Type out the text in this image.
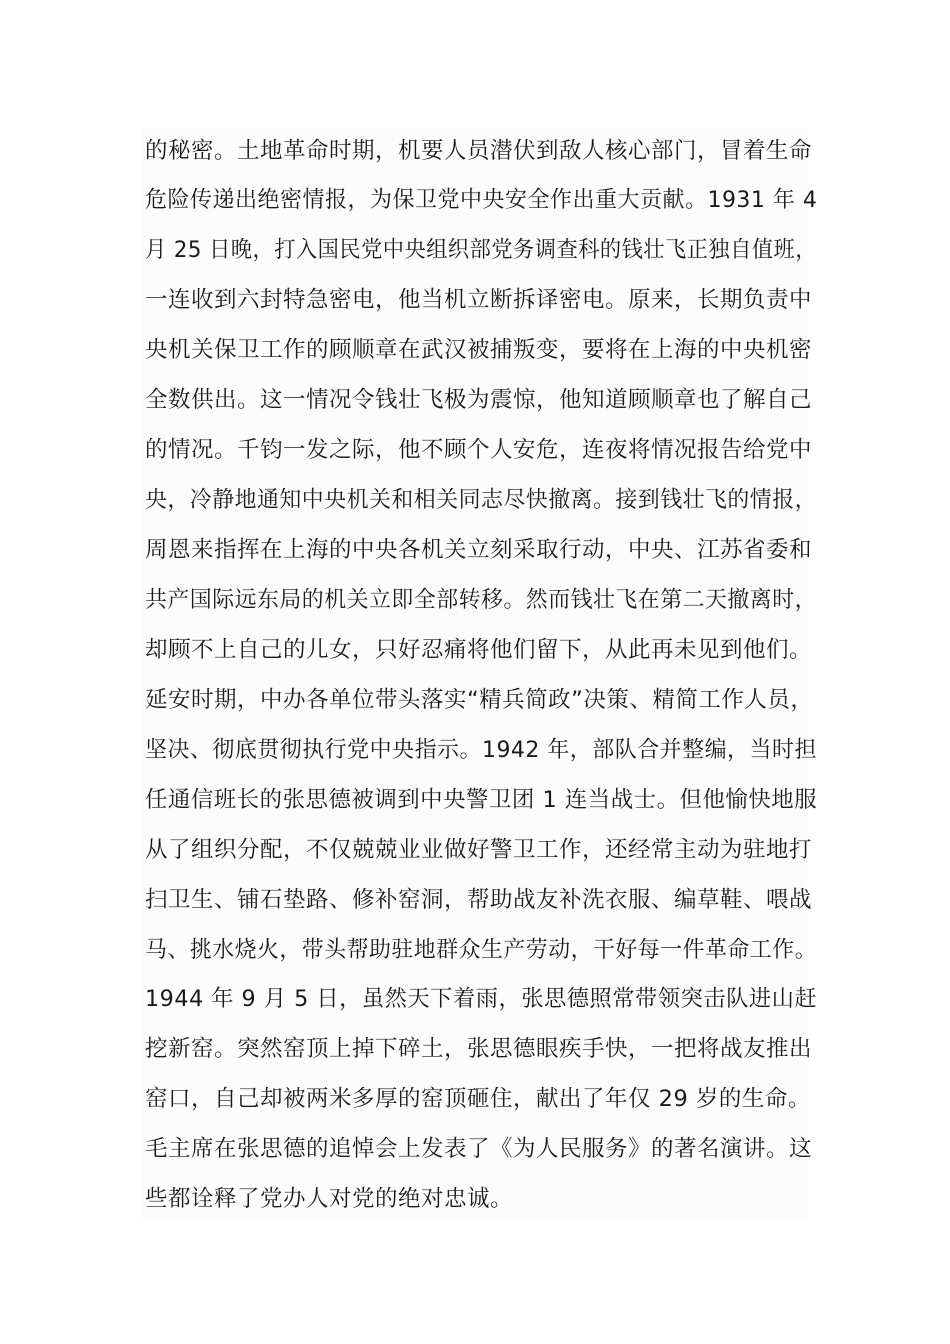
的秘密。土地革命时期，机要人员潜伏到敌人核心部门，冒着生命
危险传递出绝密情报，为保卫党中央安全作出重大贡献。1931 年 4
月 25 日晚，打入国民党中央组织部党务调查科的钱壮飞正独自值班，
一连收到六封特急密电，他当机立断拆译密电。原来，长期负责中
央机关保卫工作的顾顺章在武汉被捕叛变，要将在上海的中央机密
全数供出。这一情况令钱壮飞极为震惊，他知道顾顺章也了解自己
的情况。千钧一发之际，他不顾个人安危，连夜将情况报告给党中
央，冷静地通知中央机关和相关同志尽快撤离。接到钱壮飞的情报，
周恩来指挥在上海的中央各机关立刻采取行动，中央、江苏省委和
共产国际远东局的机关立即全部转移。然而钱壮飞在第二天撤离时，
却顾不上自己的儿女，只好忍痛将他们留下，从此再未见到他们。
延安时期，中办各单位带头落实“精兵简政”决策、精简工作人员，
坚决、彻底贯彻执行党中央指示。1942 年，部队合并整编，当时担
任通信班长的张思德被调到中央警卫团 1 连当战士。但他愉快地服
从了组织分配，不仅兢兢业业做好警卫工作，还经常主动为驻地打
扫卫生、铺石垫路、修补窑洞，帮助战友补洗衣服、编草鞋、喂战
马、挑水烧火，带头帮助驻地群众生产劳动，干好每一件革命工作。
1944 年 9 月 5 日，虽然天下着雨，张思德照常带领突击队进山赶
挖新窑。突然窑顶上掉下碎土，张思德眼疾手快，一把将战友推出
窑口，自己却被两米多厚的窑顶砸住，献出了年仅 29 岁的生命。
毛主席在张思德的追悼会上发表了《为人民服务》的著名演讲。这
些都诠释了党办人对党的绝对忠诚。
